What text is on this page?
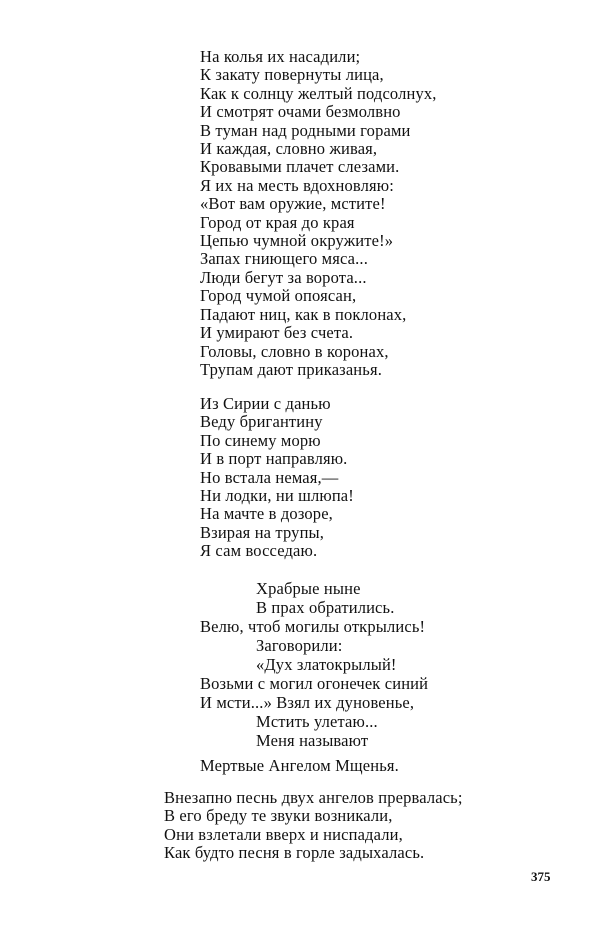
На колья их насадили;
К закату повернуты лица,
Как к солнцу желтый подсолнух,
И смотрят очами безмолвно
В туман над родными горами
И каждая, словно живая,
Кровавыми плачет слезами.
Я их на месть вдохновляю:
«Вот вам оружие, мстите!
Город от края до края
Цепью чумной окружите!»
Запах гниющего мяса...
Люди бегут за ворота...
Город чумой опоясан,
Падают ниц, как в поклонах,
И умирают без счета.
Головы, словно в коронах,
Трупам дают приказанья.
Из Сирии с данью
Веду бригантину
По синему морю
И в порт направляю.
Но встала немая,—
Ни лодки, ни шлюпа!
На мачте в дозоре,
Взирая на трупы,
Я сам восседаю.
Храбрые ныне
В прах обратились.
Велю, чтоб могилы открылись!
Заговорили:
«Дух златокрылый!
Возьми с могил огонечек синий
И мсти...» Взял их дуновенье,
Мстить улетаю...
Меня называют
Мертвые Ангелом Мщенья.
Внезапно песнь двух ангелов прервалась;
В его бреду те звуки возникали,
Они взлетали вверх и ниспадали,
Как будто песня в горле задыхалась.
375
